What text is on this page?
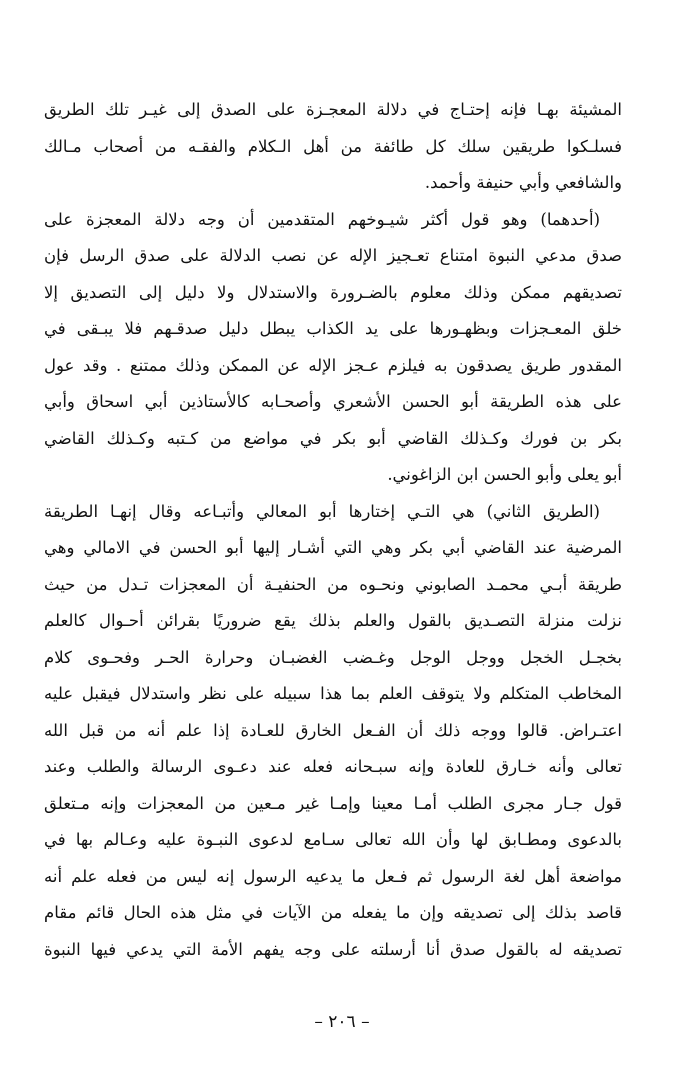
المشيئة بهـا فإنه إحتـاج في دلالة المعجـزة على الصدق إلى غيـر تلك الطريق
فسلـكوا طريقين سلك كل طائفة من أهل الـكلام والفقـه من أصحاب مـالك
والشافعي وأبي حنيفة وأحمد.
(أحدهما) وهو قول أكثر شيـوخهم المتقدمين أن وجه دلالة المعجزة على
صدق مدعي النبوة امتناع تعـجيز الإله عن نصب الدلالة على صدق الرسل فإن
تصديقهم ممكن وذلك معلوم بالضـرورة والاستدلال ولا دليل إلى التصديق إلا
خلق المعـجزات وبظهـورها على يد الكذاب يبطل دليل صدقـهم فلا يبـقى في
المقدور طريق يصدقون به فيلزم عـجز الإله عن الممكن وذلك ممتنع . وقد عول
على هذه الطريقة أبو الحسن الأشعري وأصحـابه كالأستاذين أبي اسحاق وأبي
بكر بن فورك وكـذلك القاضي أبو بكر في مواضع من كـتبه وكـذلك القاضي
أبو يعلى وأبو الحسن ابن الزاغوني.
(الطريق الثاني) هي التـي إختارها أبو المعالي وأتبـاعه وقال إنهـا الطريقة
المرضية عند القاضي أبي بكر وهي التي أشـار إليها أبو الحسن في الامالي وهي
طريقة أبـي محمـد الصابوني ونحـوه من الحنفيـة أن المعجزات تـدل من حيث
نزلت منزلة التصـديق بالقول والعلم بذلك يقع ضروريًا بقرائن أحـوال كالعلم
بخجـل الخجل ووجل الوجل وغـضب الغضبـان وحرارة الحـر وفحـوى كلام
المخاطب المتكلم ولا يتوقف العلم بما هذا سبيله على نظر واستدلال فيقبل عليه
اعتـراض. قالوا ووجه ذلك أن الفـعل الخارق للعـادة إذا علم أنه من قبل الله
تعالى وأنه خـارق للعادة وإنه سبـحانه فعله عند دعـوى الرسالة والطلب وعند
قول جـار مجرى الطلب أمـا معينا وإمـا غير مـعين من المعجزات وإنه مـتعلق
بالدعوى ومطـابق لها وأن الله تعالى سـامع لدعوى النبـوة عليه وعـالم بها في
مواضعة أهل لغة الرسول ثم فـعل ما يدعيه الرسول إنه ليس من فعله علم أنه
قاصد بذلك إلى تصديقه وإن ما يفعله من الآيات في مثل هذه الحال قائم مقام
تصديقه له بالقول صدق أنا أرسلته على وجه يفهم الأمة التي يدعي فيها النبوة
– ٢٠٦ –
